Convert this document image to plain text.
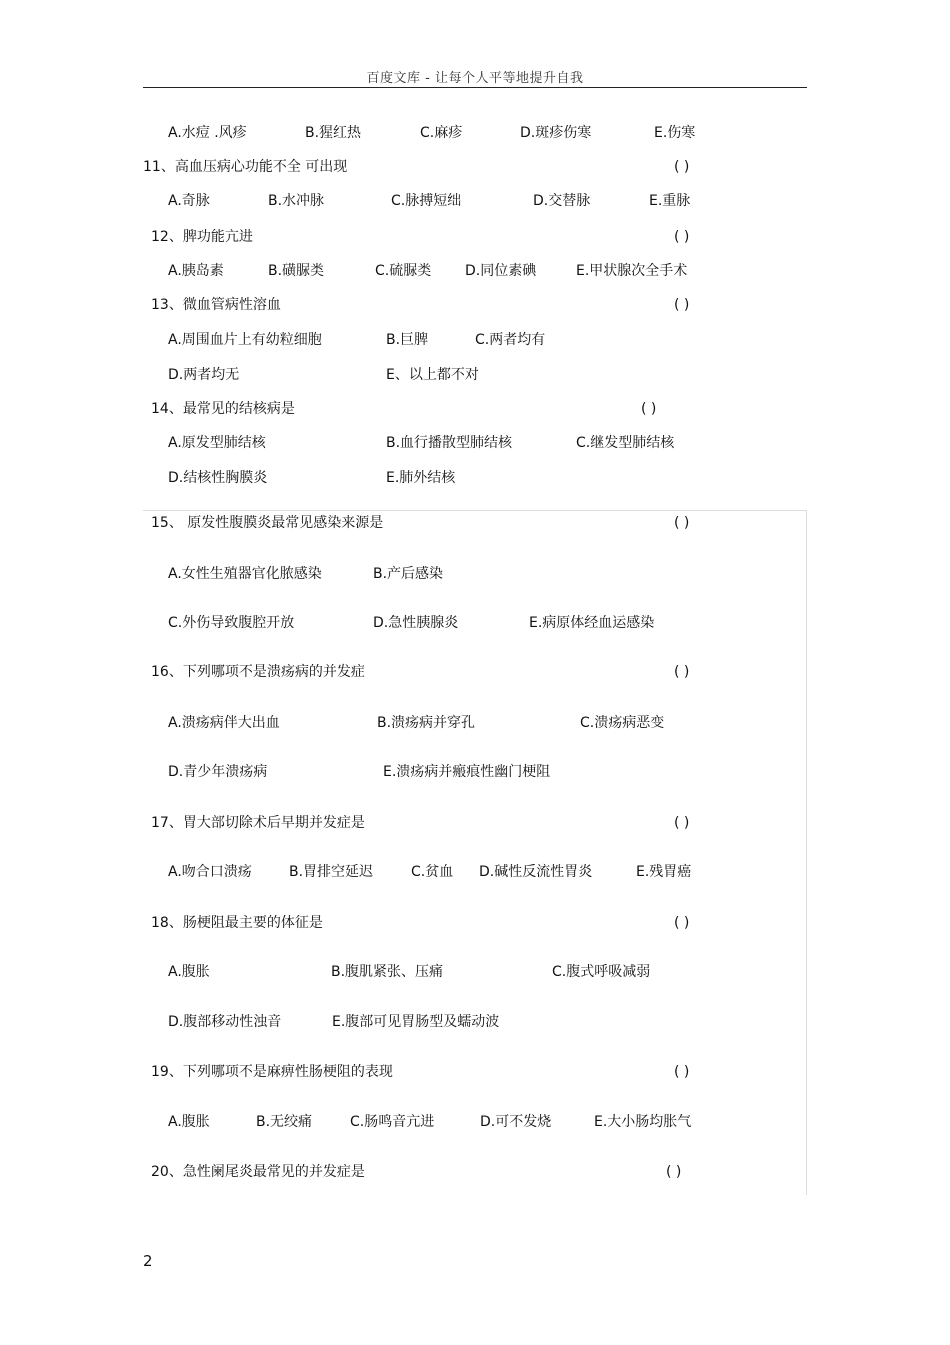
百度文库 - 让每个人平等地提升自我
A.水痘 .风疹	B.猩红热	C.麻疹	D.斑疹伤寒	E.伤寒
11、高血压病心功能不全 可出现	( )
A.奇脉	B.水冲脉	C.脉搏短绌	D.交替脉	E.重脉
12、脾功能亢进	( )
A.胰岛素	B.磺脲类	C.硫脲类 D.同位素碘	E.甲状腺次全手术
13、微血管病性溶血	( )
A.周围血片上有幼粒细胞	B.巨脾	C.两者均有
D.两者均无	E、以上都不对
14、最常见的结核病是	( )
A.原发型肺结核	B.血行播散型肺结核	C.继发型肺结核
D.结核性胸膜炎	E.肺外结核
15、 原发性腹膜炎最常见感染来源是	( )
A.女性生殖器官化脓感染	B.产后感染
C.外伤导致腹腔开放	D.急性胰腺炎	E.病原体经血运感染
16、下列哪项不是溃疡病的并发症	( )
A.溃疡病伴大出血	B.溃疡病并穿孔	C.溃疡病恶变
D.青少年溃疡病	E.溃疡病并瘢痕性幽门梗阻
17、胃大部切除术后早期并发症是	( )
A.吻合口溃疡	B.胃排空延迟	C.贫血 D.碱性反流性胃炎	E.残胃癌
18、肠梗阻最主要的体征是	( )
A.腹胀	B.腹肌紧张、压痛	C.腹式呼吸减弱
D.腹部移动性浊音	E.腹部可见胃肠型及蠕动波
19、下列哪项不是麻痹性肠梗阻的表现	( )
A.腹胀	B.无绞痛	C.肠鸣音亢进	D.可不发烧	E.大小肠均胀气
20、急性阑尾炎最常见的并发症是	( )
2
